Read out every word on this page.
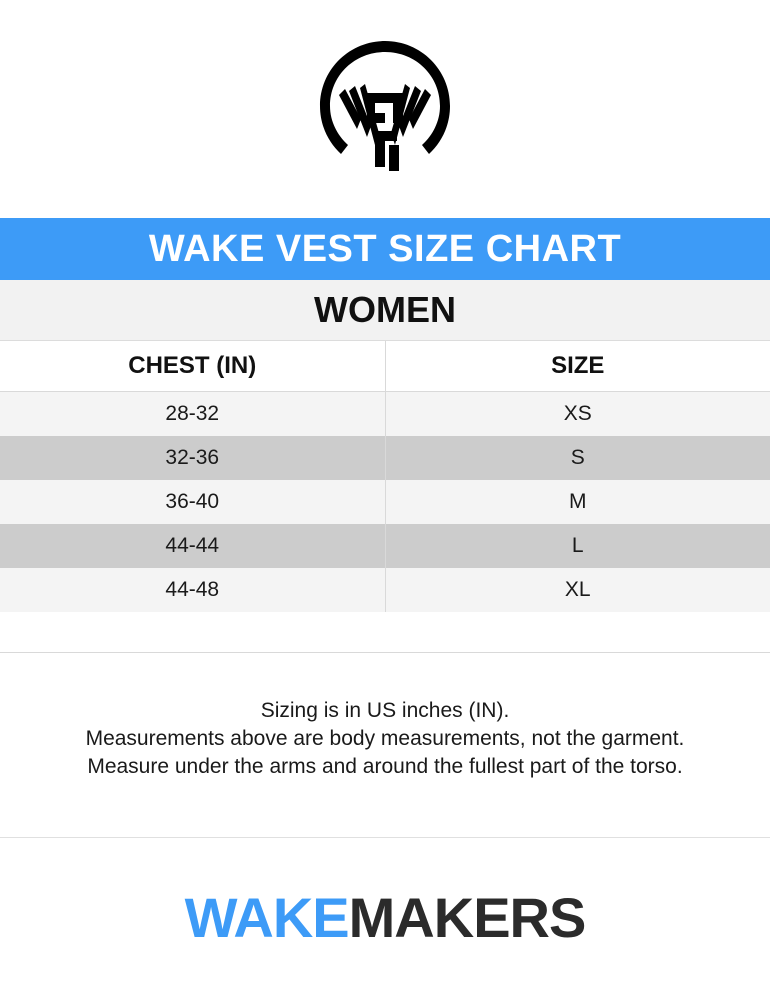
WAKE VEST SIZE CHART
WOMEN
CHEST (IN)	SIZE
28-32	XS
32-36	S
36-40	M
44-44	L
44-48	XL

Sizing is in US inches (IN).

Measurements above are body measurements, not the garment.

Measure under the arms and around the fullest part of the torso.

WAKEMAKERS
